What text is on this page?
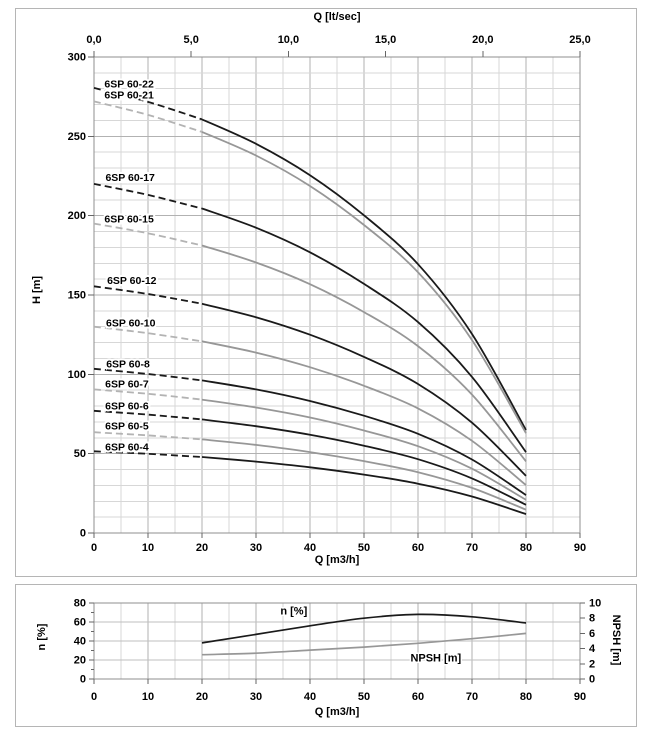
0,0	5,0	10,0	15,0	20,0	25,0
0	10	20	30	40	50	60	70	80	90
0
50
100
150
200
250
300
6SP 60-22
6SP 60-21
6SP 60-17
6SP 60-15
6SP 60-12
6SP 60-10
6SP 60-8
6SP 60-7
6SP 60-6
6SP 60-5
6SP 60-4
0
20
40
60
80
0
2
4
6
8
10
0	10	20	30	40	50	60	70	80	90
n [%]
NPSH [m]
Q [lt/sec]
H [m]
Q [m3/h]
n [%]	NPSH [m]
Q [m3/h]
